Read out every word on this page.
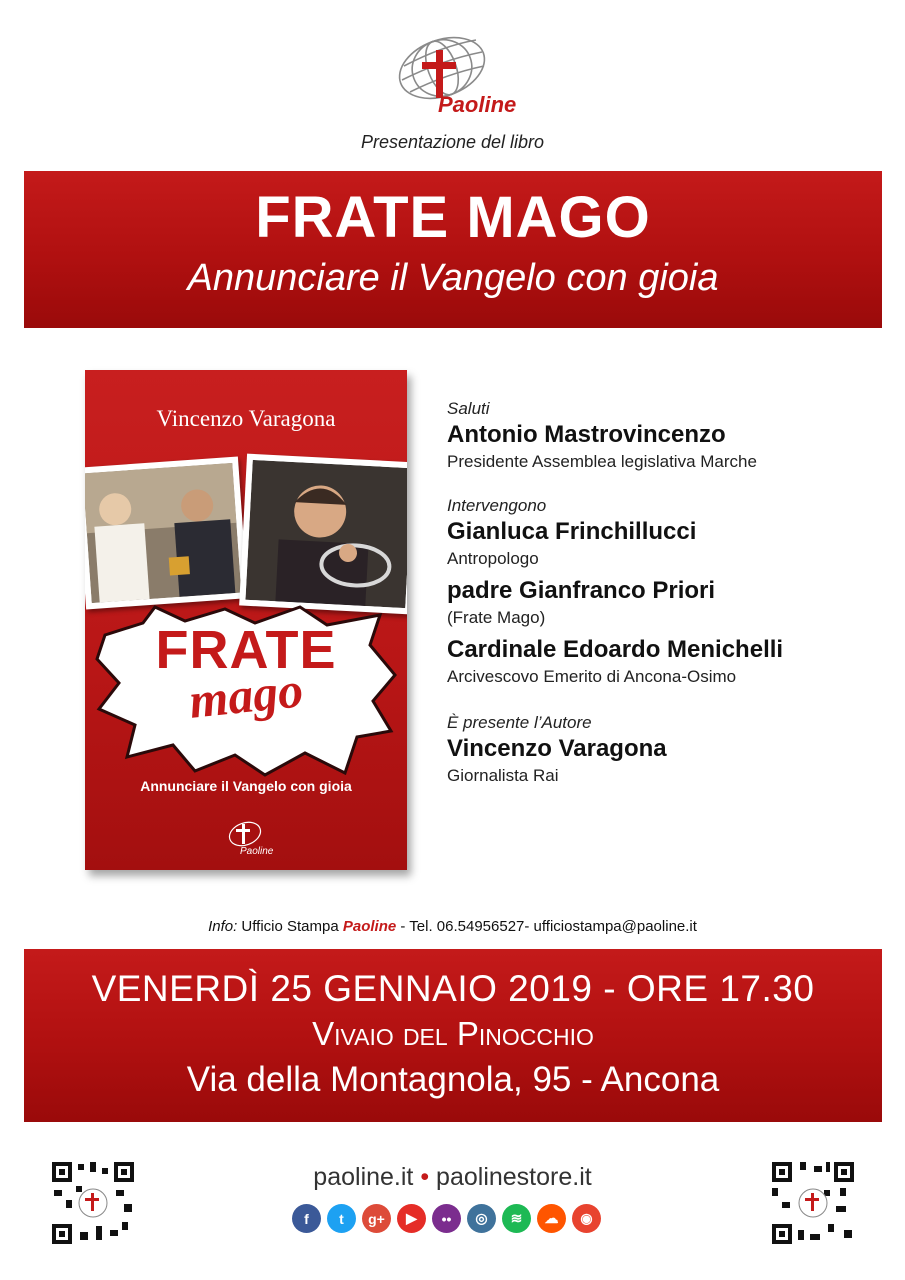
Paoline
Presentazione del libro
FRATE MAGO
Annunciare il Vangelo con gioia
Vincenzo Varagona
FRATE
mago
Annunciare il Vangelo con gioia
Paoline
Saluti
Antonio Mastrovincenzo
Presidente Assemblea legislativa Marche
Intervengono
Gianluca Frinchillucci
Antropologo
padre Gianfranco Priori
(Frate Mago)
Cardinale Edoardo Menichelli
Arcivescovo Emerito di Ancona-Osimo
È presente l’Autore
Vincenzo Varagona
Giornalista Rai
Info: Ufficio Stampa Paoline - Tel. 06.54956527- ufficiostampa@paoline.it
VENERDÌ 25 GENNAIO 2019 - ORE 17.30
Vivaio del Pinocchio
Via della Montagnola, 95 - Ancona
paoline.it • paolinestore.it
f	t	g+	▶	••	◎	≋	☁	◉
